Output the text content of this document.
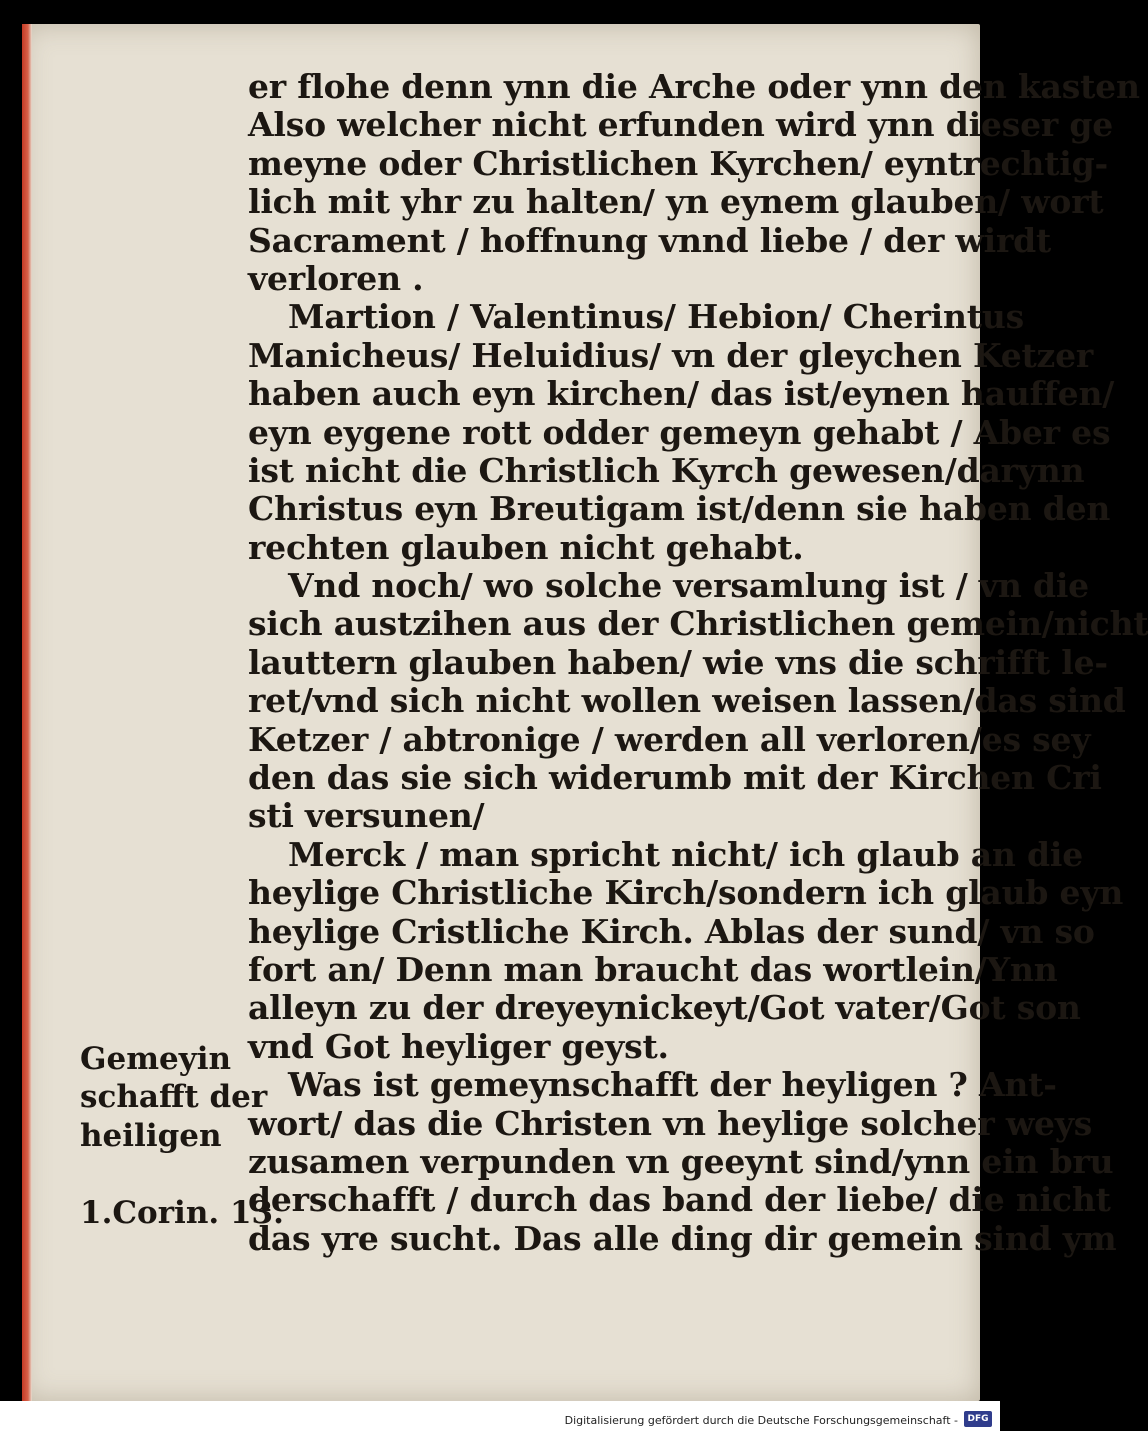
er flohe denn ynn die Arche oder ynn den kasten
Also welcher nicht erfunden wird ynn dieser ge
meyne oder Christlichen Kyrchen/ eyntrechtig-
lich mit yhr zu halten/ yn eynem glauben/ wort
Sacrament / hoffnung vnnd liebe / der wirdt
verloren .
Martion / Valentinus/ Hebion/ Cherintus
Manicheus/ Heluidius/ vn der gleychen Ketzer
haben auch eyn kirchen/ das ist/eynen hauffen/
eyn eygene rott odder gemeyn gehabt / Aber es
ist nicht die Christlich Kyrch gewesen/darynn
Christus eyn Breutigam ist/denn sie haben den
rechten glauben nicht gehabt.
Vnd noch/ wo solche versamlung ist / vn die
sich austzihen aus der Christlichen gemein/nicht
lauttern glauben haben/ wie vns die schrifft le-
ret/vnd sich nicht wollen weisen lassen/das sind
Ketzer / abtronige / werden all verloren/es sey
den das sie sich widerumb mit der Kirchen Cri
sti versunen/
Merck / man spricht nicht/ ich glaub an die
heylige Christliche Kirch/sondern ich glaub eyn
heylige Cristliche Kirch. Ablas der sund/ vn so
fort an/ Denn man braucht das wortlein/Ynn
alleyn zu der dreyeynickeyt/Got vater/Got son
vnd Got heyliger geyst.
Was ist gemeynschafft der heyligen ? Ant-
wort/ das die Christen vn heylige solcher weys
zusamen verpunden vn geeynt sind/ynn ein bru
derschafft / durch das band der liebe/ die nicht
das yre sucht. Das alle ding dir gemein sind ym
Gemeyin
schafft der
heiligen
1.Corin. 13.
Digitalisierung gefördert durch die Deutsche Forschungsgemeinschaft -	DFG
